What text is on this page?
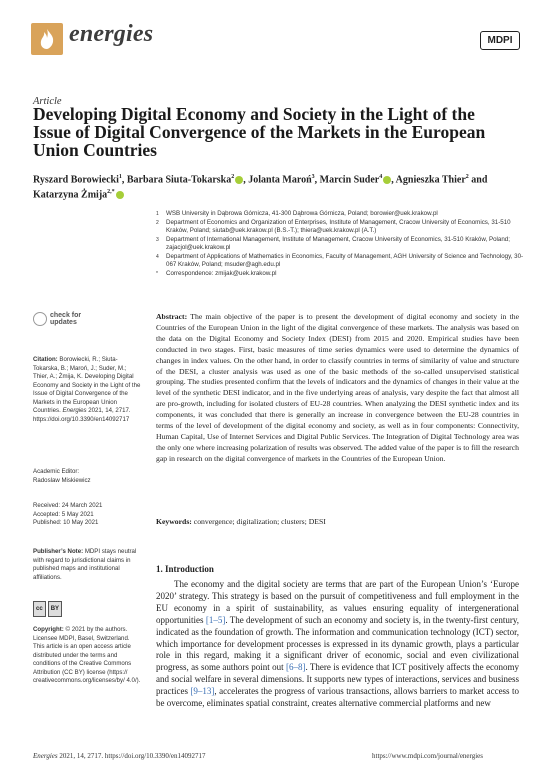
energies	MDPI
Article
Developing Digital Economy and Society in the Light of the Issue of Digital Convergence of the Markets in the European Union Countries
Ryszard Borowiecki$^1$, Barbara Siuta-Tokarska$^2$ , Jolanta Maroń$^3$, Marcin Suder$^4$ , Agnieszka Thier$^2$ and Katarzyna Żmija$^{2,*}$
1	WSB University in Dąbrowa Górnicza, 41-300 Dąbrowa Górnicza, Poland; borowier@uek.krakow.pl
2	Department of Economics and Organization of Enterprises, Institute of Management, Cracow University of Economics, 31-510 Kraków, Poland; siutab@uek.krakow.pl (B.S.-T.); thiera@uek.krakow.pl (A.T.)
3	Department of International Management, Institute of Management, Cracow University of Economics, 31-510 Kraków, Poland; zajacjol@uek.krakow.pl
4	Department of Applications of Mathematics in Economics, Faculty of Management, AGH University of Science and Technology, 30-067 Kraków, Poland; msuder@agh.edu.pl
*	Correspondence: zmijak@uek.krakow.pl
check for updates
Citation: Borowiecki, R.; Siuta-Tokarska, B.; Maroń, J.; Suder, M.; Thier, A.; Żmija, K. Developing Digital Economy and Society in the Light of the Issue of Digital Convergence of the Markets in the European Union Countries. Energies 2021, 14, 2717. https://doi.org/10.3390/en14092717
Academic Editor:
Radoslaw Miskiewicz
Received: 24 March 2021
Accepted: 5 May 2021
Published: 10 May 2021
Publisher’s Note: MDPI stays neutral with regard to jurisdictional claims in published maps and institutional affiliations.
cc	BY
Copyright: © 2021 by the authors. Licensee MDPI, Basel, Switzerland. This article is an open access article distributed under the terms and conditions of the Creative Commons Attribution (CC BY) license (https:// creativecommons.org/licenses/by/ 4.0/).
Abstract: The main objective of the paper is to present the development of digital economy and society in the Countries of the European Union in the light of the digital convergence of these markets. The analysis was based on the data on the Digital Economy and Society Index (DESI) from 2015 and 2020. Empirical studies have been conducted in two stages. First, basic measures of time series dynamics were used to determine the dynamics of changes in index values. On the other hand, in order to classify countries in terms of similarity of value and structure of the DESI, a cluster analysis was used as one of the basic methods of the so-called unsupervised statistical grouping. The studies presented confirm that the levels of indicators and the dynamics of changes in their value at the level of the synthetic DESI indicator, and in the five underlying areas of analysis, vary despite the fact that almost all are pro-growth, including for isolated clusters of EU-28 countries. When analyzing the DESI synthetic index and its components, it was concluded that there is generally an increase in convergence between the EU-28 countries in terms of the level of development of the digital economy and society, as well as in four components: Connectivity, Human Capital, Use of Internet Services and Digital Public Services. The Integration of Digital Technology area was the only one where increasing polarization of results was observed. The added value of the paper is to fill the research gap in research on the digital convergence of markets in the Countries of the European Union.
Keywords: convergence; digitalization; clusters; DESI
1. Introduction
The economy and the digital society are terms that are part of the European Union’s ‘Europe 2020’ strategy. This strategy is based on the pursuit of competitiveness and full employment in the EU economy in a spirit of sustainability, as values ensuring equality of intergenerational opportunities [1–5]. The development of such an economy and society is, in the twenty-first century, indicated as the foundation of growth. The information and communication technology (ICT) sector, which importance for development processes is expressed in its dynamic growth, plays a particular role in this regard, making it a significant driver of economic, social and even civilizational progress, as some authors point out [6–8]. There is evidence that ICT positively affects the economy and social welfare in several dimensions. It supports new types of interactions, services and business practices [9–13], accelerates the progress of various transactions, allows barriers to market access to be overcome, eliminates spatial constraint, creates alternative commercial platforms and new
Energies 2021, 14, 2717. https://doi.org/10.3390/en14092717	https://www.mdpi.com/journal/energies
